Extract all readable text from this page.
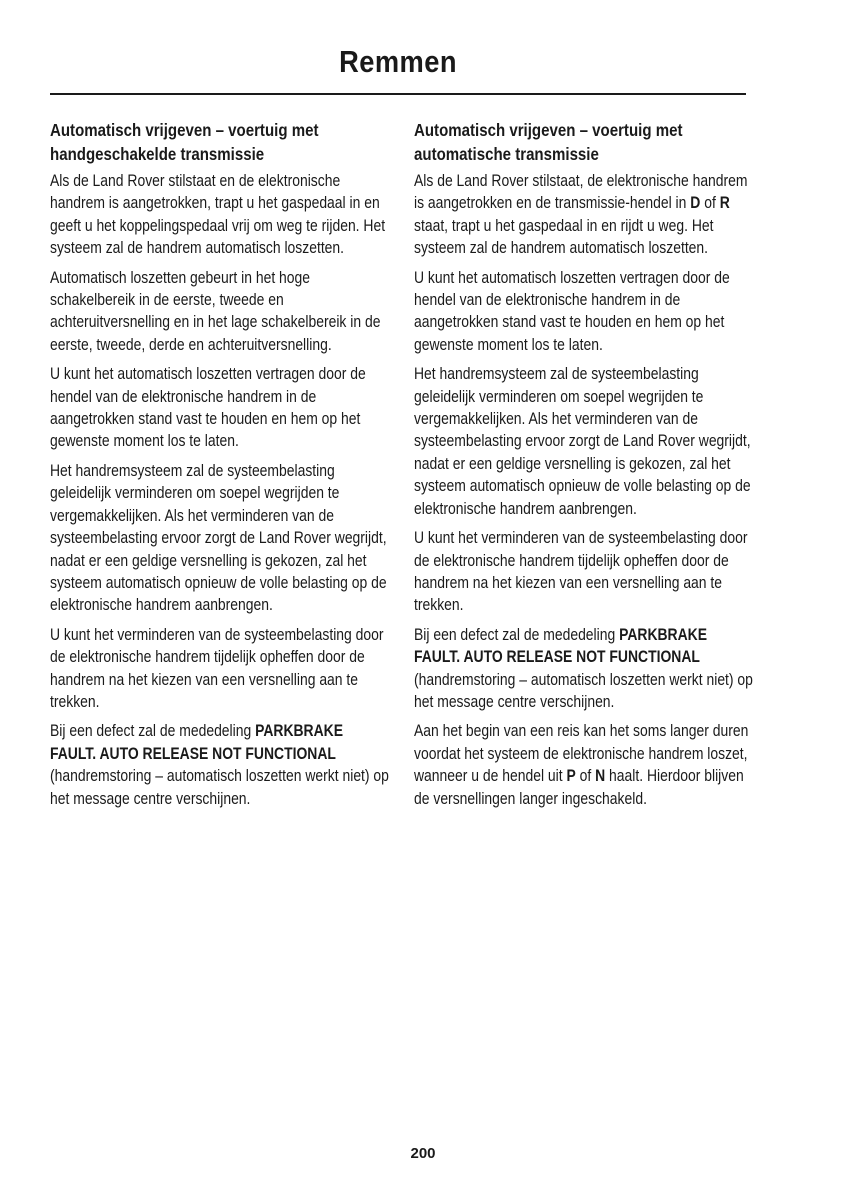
Remmen
Automatisch vrijgeven – voertuig met handgeschakelde transmissie

Als de Land Rover stilstaat en de elektronische handrem is aangetrokken, trapt u het gaspedaal in en geeft u het koppelingspedaal vrij om weg te rijden. Het systeem zal de handrem automatisch loszetten.

Automatisch loszetten gebeurt in het hoge schakelbereik in de eerste, tweede en achteruitversnelling en in het lage schakelbereik in de eerste, tweede, derde en achteruitversnelling.

U kunt het automatisch loszetten vertragen door de hendel van de elektronische handrem in de aangetrokken stand vast te houden en hem op het gewenste moment los te laten.

Het handremsysteem zal de systeembelasting geleidelijk verminderen om soepel wegrijden te vergemakkelijken. Als het verminderen van de systeembelasting ervoor zorgt de Land Rover wegrijdt, nadat er een geldige versnelling is gekozen, zal het systeem automatisch opnieuw de volle belasting op de elektronische handrem aanbrengen.

U kunt het verminderen van de systeembelasting door de elektronische handrem tijdelijk opheffen door de handrem na het kiezen van een versnelling aan te trekken.

Bij een defect zal de mededeling PARKBRAKE FAULT. AUTO RELEASE NOT FUNCTIONAL (handremstoring – automatisch loszetten werkt niet) op het message centre verschijnen.

Automatisch vrijgeven – voertuig met automatische transmissie

Als de Land Rover stilstaat, de elektronische handrem is aangetrokken en de transmissie-hendel in D of R staat, trapt u het gaspedaal in en rijdt u weg. Het systeem zal de handrem automatisch loszetten.

U kunt het automatisch loszetten vertragen door de hendel van de elektronische handrem in de aangetrokken stand vast te houden en hem op het gewenste moment los te laten.

Het handremsysteem zal de systeembelasting geleidelijk verminderen om soepel wegrijden te vergemakkelijken. Als het verminderen van de systeembelasting ervoor zorgt de Land Rover wegrijdt, nadat er een geldige versnelling is gekozen, zal het systeem automatisch opnieuw de volle belasting op de elektronische handrem aanbrengen.

U kunt het verminderen van de systeembelasting door de elektronische handrem tijdelijk opheffen door de handrem na het kiezen van een versnelling aan te trekken.

Bij een defect zal de mededeling PARKBRAKE FAULT. AUTO RELEASE NOT FUNCTIONAL (handremstoring – automatisch loszetten werkt niet) op het message centre verschijnen.

Aan het begin van een reis kan het soms langer duren voordat het systeem de elektronische handrem loszet, wanneer u de hendel uit P of N haalt. Hierdoor blijven de versnellingen langer ingeschakeld.

200
